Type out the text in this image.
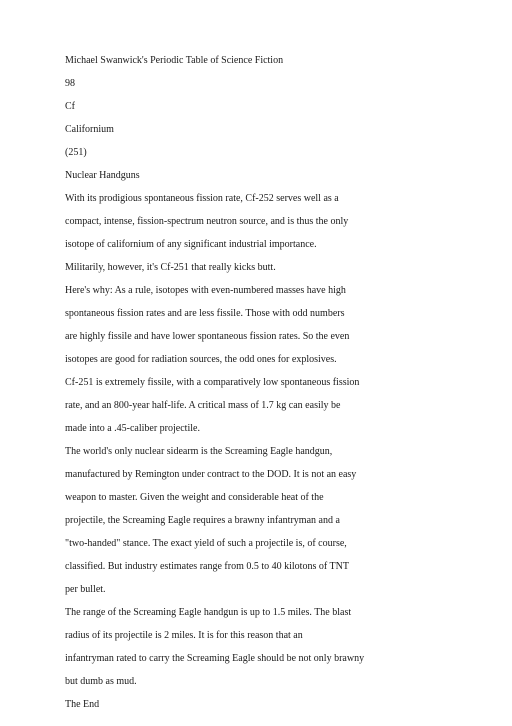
Michael Swanwick's Periodic Table of Science Fiction

98

Cf

Californium

(251)

Nuclear Handguns

With its prodigious spontaneous fission rate, Cf-252 serves well as a

compact, intense, fission-spectrum neutron source, and is thus the only

isotope of californium of any significant industrial importance.

Militarily, however, it's Cf-251 that really kicks butt.

Here's why: As a rule, isotopes with even-numbered masses have high

spontaneous fission rates and are less fissile. Those with odd numbers

are highly fissile and have lower spontaneous fission rates. So the even

isotopes are good for radiation sources, the odd ones for explosives.

Cf-251 is extremely fissile, with a comparatively low spontaneous fission

rate, and an 800-year half-life. A critical mass of 1.7 kg can easily be

made into a .45-caliber projectile.

The world's only nuclear sidearm is the Screaming Eagle handgun,

manufactured by Remington under contract to the DOD. It is not an easy

weapon to master. Given the weight and considerable heat of the

projectile, the Screaming Eagle requires a brawny infantryman and a

"two-handed" stance. The exact yield of such a projectile is, of course,

classified. But industry estimates range from 0.5 to 40 kilotons of TNT

per bullet.

The range of the Screaming Eagle handgun is up to 1.5 miles. The blast

radius of its projectile is 2 miles. It is for this reason that an

infantryman rated to carry the Screaming Eagle should be not only brawny

but dumb as mud.

The End
